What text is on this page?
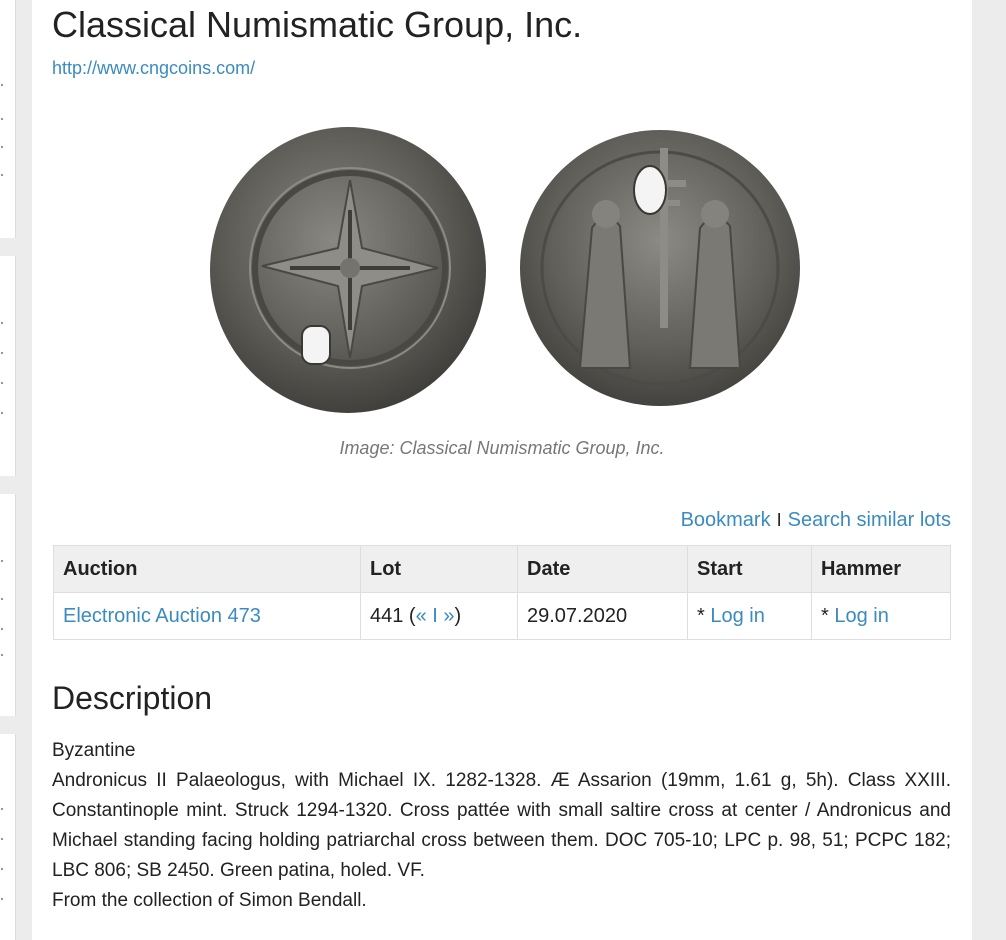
Classical Numismatic Group, Inc.
http://www.cngcoins.com/
Image: Classical Numismatic Group, Inc.
Bookmark I Search similar lots
Auction	Lot	Date	Start	Hammer
Electronic Auction 473	441 (« I »)	29.07.2020	* Log in	* Log in
Description

Byzantine

Andronicus II Palaeologus, with Michael IX. 1282-1328. Æ Assarion (19mm, 1.61 g, 5h). Class XXIII. Constantinople mint. Struck 1294-1320. Cross pattée with small saltire cross at center / Andronicus and Michael standing facing holding patriarchal cross between them. DOC 705-10; LPC p. 98, 51; PCPC 182; LBC 806; SB 2450. Green patina, holed. VF.

From the collection of Simon Bendall.
